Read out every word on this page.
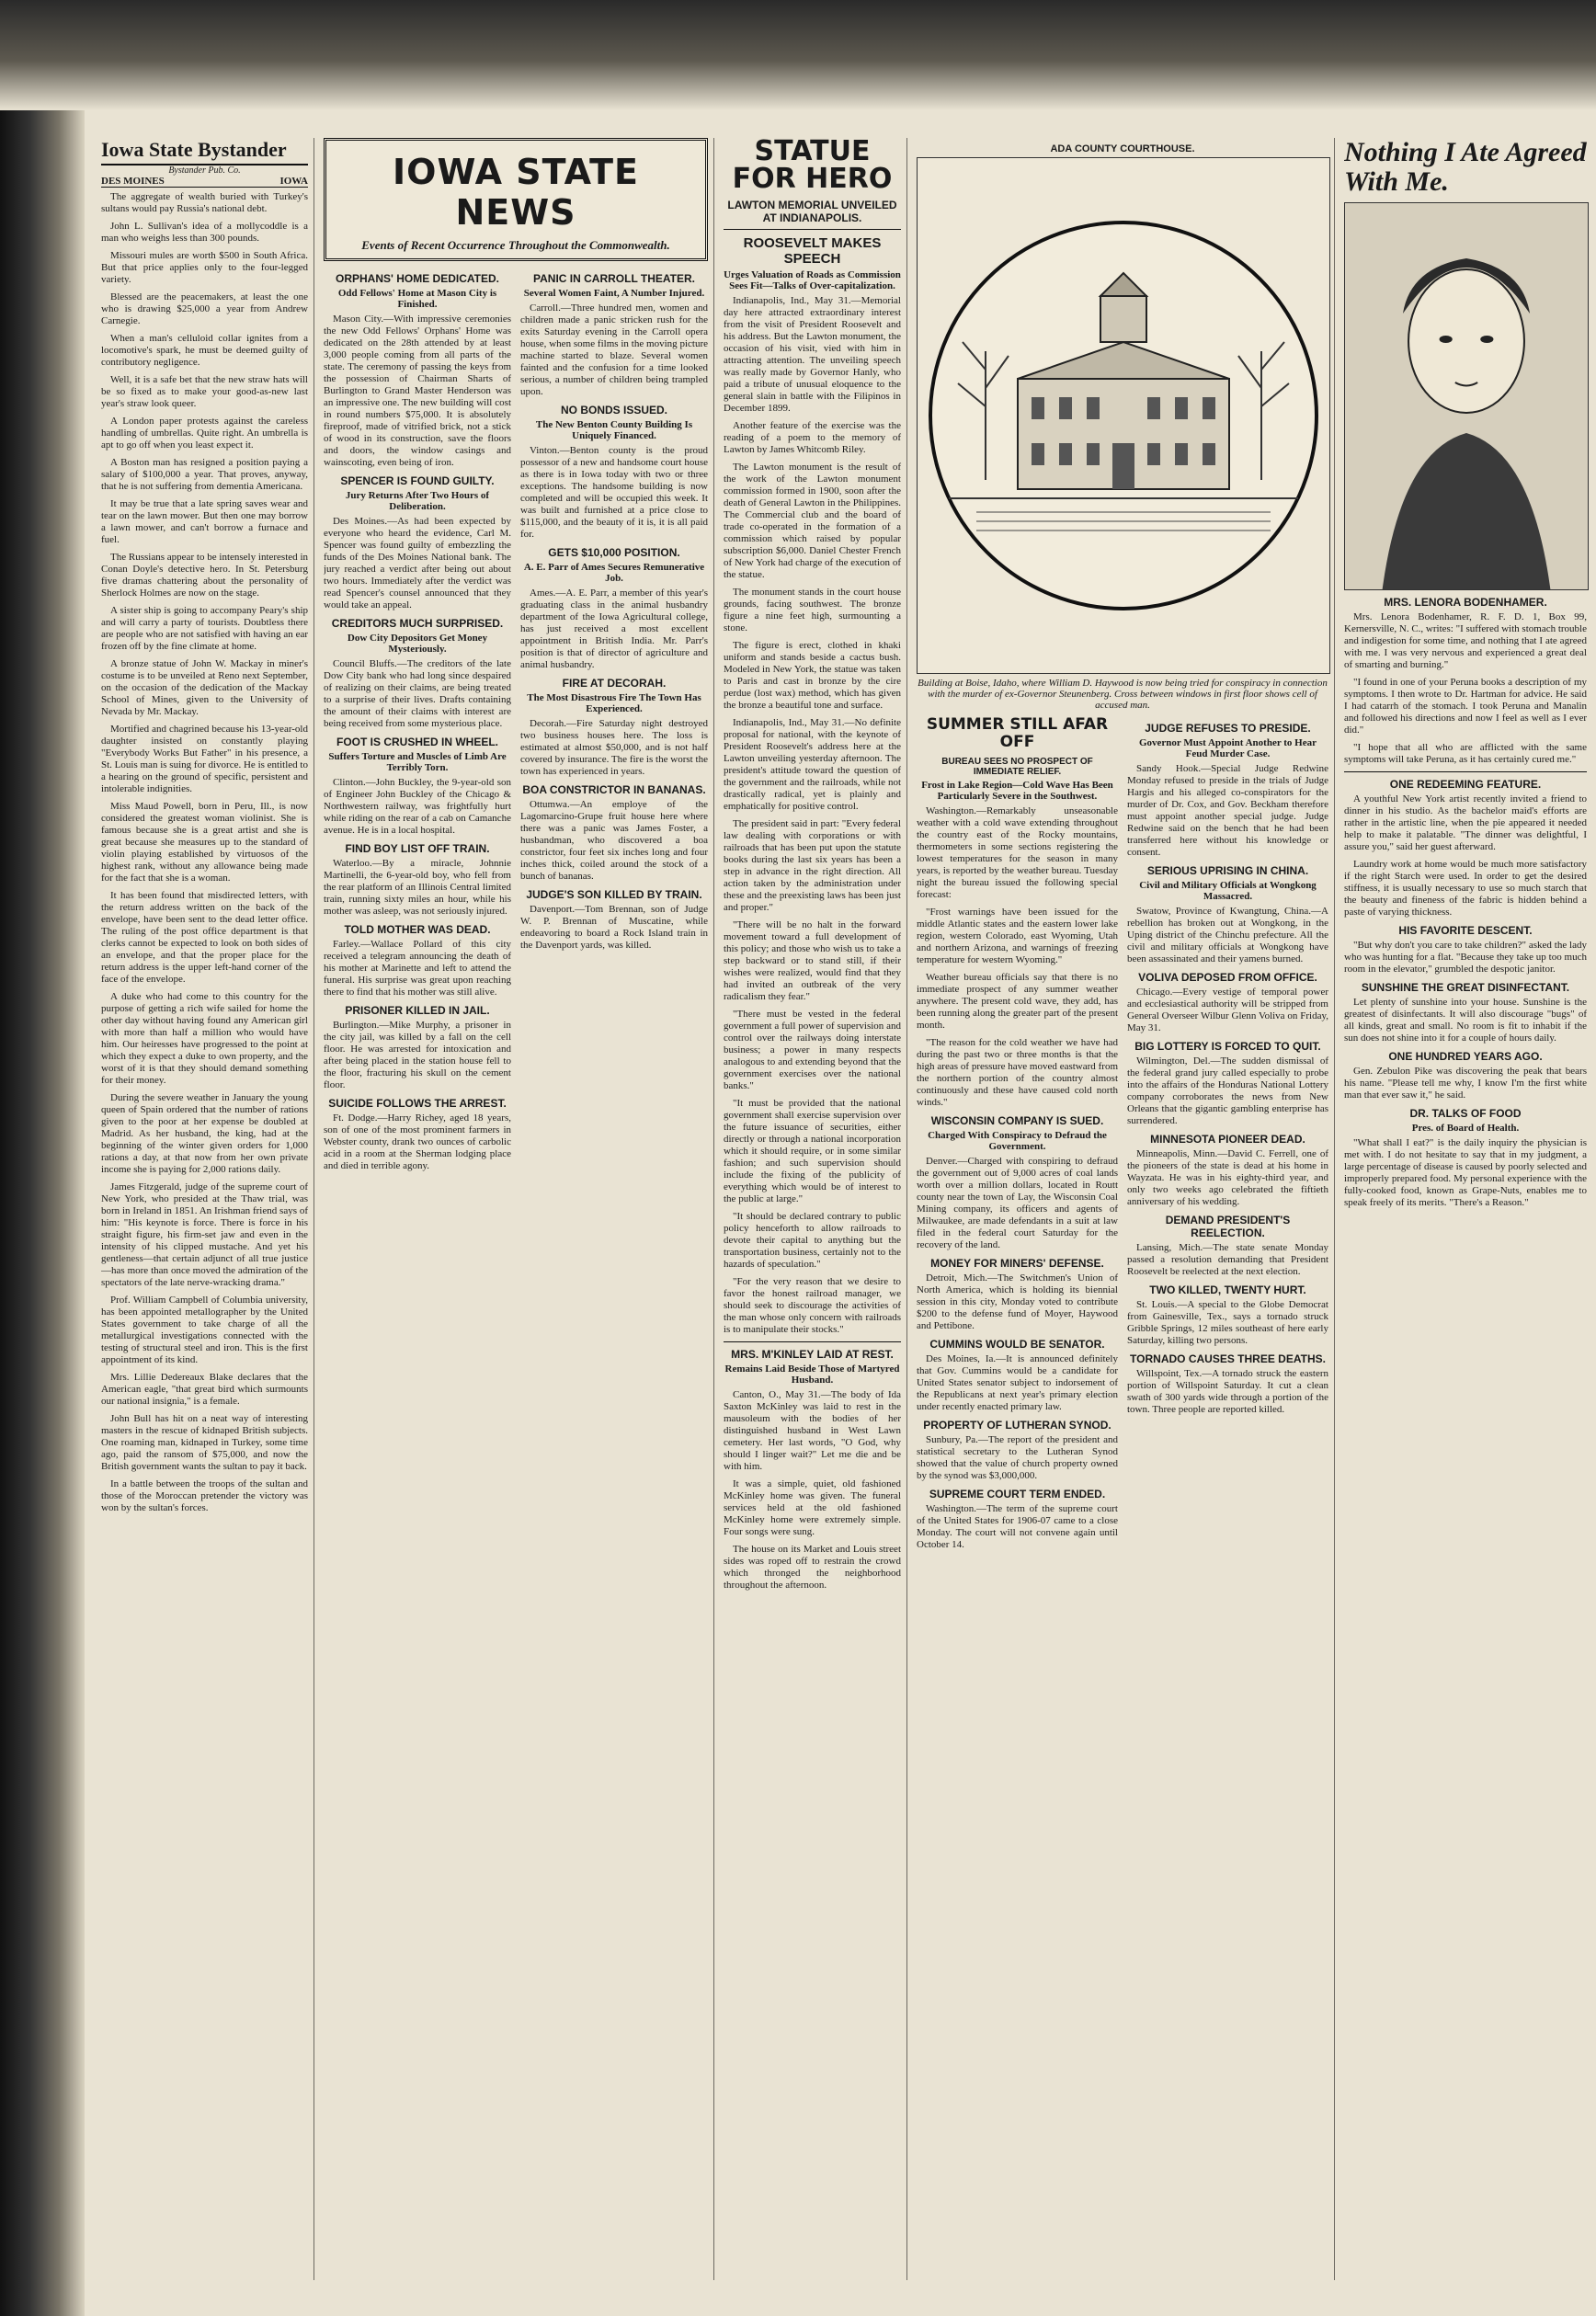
Iowa State Bystander
Bystander Pub. Co.
DES MOINES	IOWA

The aggregate of wealth buried with Turkey's sultans would pay Russia's national debt.

John L. Sullivan's idea of a mollycoddle is a man who weighs less than 300 pounds.

Missouri mules are worth $500 in South Africa. But that price applies only to the four-legged variety.

Blessed are the peacemakers, at least the one who is drawing $25,000 a year from Andrew Carnegie.

When a man's celluloid collar ignites from a locomotive's spark, he must be deemed guilty of contributory negligence.

Well, it is a safe bet that the new straw hats will be so fixed as to make your good-as-new last year's straw look queer.

A London paper protests against the careless handling of umbrellas. Quite right. An umbrella is apt to go off when you least expect it.

A Boston man has resigned a position paying a salary of $100,000 a year. That proves, anyway, that he is not suffering from dementia Americana.

It may be true that a late spring saves wear and tear on the lawn mower. But then one may borrow a lawn mower, and can't borrow a furnace and fuel.

The Russians appear to be intensely interested in Conan Doyle's detective hero. In St. Petersburg five dramas chattering about the personality of Sherlock Holmes are now on the stage.

A sister ship is going to accompany Peary's ship and will carry a party of tourists. Doubtless there are people who are not satisfied with having an ear frozen off by the fine climate at home.

A bronze statue of John W. Mackay in miner's costume is to be unveiled at Reno next September, on the occasion of the dedication of the Mackay School of Mines, given to the University of Nevada by Mr. Mackay.

Mortified and chagrined because his 13-year-old daughter insisted on constantly playing "Everybody Works But Father" in his presence, a St. Louis man is suing for divorce. He is entitled to a hearing on the ground of specific, persistent and intolerable indignities.

Miss Maud Powell, born in Peru, Ill., is now considered the greatest woman violinist. She is famous because she is a great artist and she is great because she measures up to the standard of violin playing established by virtuosos of the highest rank, without any allowance being made for the fact that she is a woman.

It has been found that misdirected letters, with the return address written on the back of the envelope, have been sent to the dead letter office. The ruling of the post office department is that clerks cannot be expected to look on both sides of an envelope, and that the proper place for the return address is the upper left-hand corner of the face of the envelope.

A duke who had come to this country for the purpose of getting a rich wife sailed for home the other day without having found any American girl with more than half a million who would have him. Our heiresses have progressed to the point at which they expect a duke to own property, and the worst of it is that they should demand something for their money.

During the severe weather in January the young queen of Spain ordered that the number of rations given to the poor at her expense be doubled at Madrid. As her husband, the king, had at the beginning of the winter given orders for 1,000 rations a day, at that now from her own private income she is paying for 2,000 rations daily.

James Fitzgerald, judge of the supreme court of New York, who presided at the Thaw trial, was born in Ireland in 1851. An Irishman friend says of him: "His keynote is force. There is force in his straight figure, his firm-set jaw and even in the intensity of his clipped mustache. And yet his gentleness—that certain adjunct of all true justice—has more than once moved the admiration of the spectators of the late nerve-wracking drama."

Prof. William Campbell of Columbia university, has been appointed metallographer by the United States government to take charge of all the metallurgical investigations connected with the testing of structural steel and iron. This is the first appointment of its kind.

Mrs. Lillie Dedereaux Blake declares that the American eagle, "that great bird which surmounts our national insignia," is a female.

John Bull has hit on a neat way of interesting masters in the rescue of kidnaped British subjects. One roaming man, kidnaped in Turkey, some time ago, paid the ransom of $75,000, and now the British government wants the sultan to pay it back.

In a battle between the troops of the sultan and those of the Moroccan pretender the victory was won by the sultan's forces.

IOWA STATE NEWS
Events of Recent Occurrence Throughout the Commonwealth.
ORPHANS' HOME DEDICATED.
Odd Fellows' Home at Mason City is Finished.

Mason City.—With impressive ceremonies the new Odd Fellows' Orphans' Home was dedicated on the 28th attended by at least 3,000 people coming from all parts of the state. The ceremony of passing the keys from the possession of Chairman Sharts of Burlington to Grand Master Henderson was an impressive one. The new building will cost in round numbers $75,000. It is absolutely fireproof, made of vitrified brick, not a stick of wood in its construction, save the floors and doors, the window casings and wainscoting, even being of iron.

SPENCER IS FOUND GUILTY.
Jury Returns After Two Hours of Deliberation.

Des Moines.—As had been expected by everyone who heard the evidence, Carl M. Spencer was found guilty of embezzling the funds of the Des Moines National bank. The jury reached a verdict after being out about two hours. Immediately after the verdict was read Spencer's counsel announced that they would take an appeal.

CREDITORS MUCH SURPRISED.
Dow City Depositors Get Money Mysteriously.

Council Bluffs.—The creditors of the late Dow City bank who had long since despaired of realizing on their claims, are being treated to a surprise of their lives. Drafts containing the amount of their claims with interest are being received from some mysterious place.

FOOT IS CRUSHED IN WHEEL.
Suffers Torture and Muscles of Limb Are Terribly Torn.

Clinton.—John Buckley, the 9-year-old son of Engineer John Buckley of the Chicago & Northwestern railway, was frightfully hurt while riding on the rear of a cab on Camanche avenue. He is in a local hospital.

FIND BOY LIST OFF TRAIN.

Waterloo.—By a miracle, Johnnie Martinelli, the 6-year-old boy, who fell from the rear platform of an Illinois Central limited train, running sixty miles an hour, while his mother was asleep, was not seriously injured.

TOLD MOTHER WAS DEAD.

Farley.—Wallace Pollard of this city received a telegram announcing the death of his mother at Marinette and left to attend the funeral. His surprise was great upon reaching there to find that his mother was still alive.

PRISONER KILLED IN JAIL.

Burlington.—Mike Murphy, a prisoner in the city jail, was killed by a fall on the cell floor. He was arrested for intoxication and after being placed in the station house fell to the floor, fracturing his skull on the cement floor.

SUICIDE FOLLOWS THE ARREST.

Ft. Dodge.—Harry Richey, aged 18 years, son of one of the most prominent farmers in Webster county, drank two ounces of carbolic acid in a room at the Sherman lodging place and died in terrible agony.

PANIC IN CARROLL THEATER.
Several Women Faint, A Number Injured.

Carroll.—Three hundred men, women and children made a panic stricken rush for the exits Saturday evening in the Carroll opera house, when some films in the moving picture machine started to blaze. Several women fainted and the confusion for a time looked serious, a number of children being trampled upon.

NO BONDS ISSUED.
The New Benton County Building Is Uniquely Financed.

Vinton.—Benton county is the proud possessor of a new and handsome court house as there is in Iowa today with two or three exceptions. The handsome building is now completed and will be occupied this week. It was built and furnished at a price close to $115,000, and the beauty of it is, it is all paid for.

GETS $10,000 POSITION.
A. E. Parr of Ames Secures Remunerative Job.

Ames.—A. E. Parr, a member of this year's graduating class in the animal husbandry department of the Iowa Agricultural college, has just received a most excellent appointment in British India. Mr. Parr's position is that of director of agriculture and animal husbandry.

FIRE AT DECORAH.
The Most Disastrous Fire The Town Has Experienced.

Decorah.—Fire Saturday night destroyed two business houses here. The loss is estimated at almost $50,000, and is not half covered by insurance. The fire is the worst the town has experienced in years.

BOA CONSTRICTOR IN BANANAS.

Ottumwa.—An employe of the Lagomarcino-Grupe fruit house here where there was a panic was James Foster, a husbandman, who discovered a boa constrictor, four feet six inches long and four inches thick, coiled around the stock of a bunch of bananas.

JUDGE'S SON KILLED BY TRAIN.

Davenport.—Tom Brennan, son of Judge W. P. Brennan of Muscatine, while endeavoring to board a Rock Island train in the Davenport yards, was killed.

STATUE FOR HERO
LAWTON MEMORIAL UNVEILED AT INDIANAPOLIS.
ROOSEVELT MAKES SPEECH
Urges Valuation of Roads as Commission Sees Fit—Talks of Over-capitalization.

Indianapolis, Ind., May 31.—Memorial day here attracted extraordinary interest from the visit of President Roosevelt and his address. But the Lawton monument, the occasion of his visit, vied with him in attracting attention. The unveiling speech was really made by Governor Hanly, who paid a tribute of unusual eloquence to the general slain in battle with the Filipinos in December 1899.

Another feature of the exercise was the reading of a poem to the memory of Lawton by James Whitcomb Riley.

The Lawton monument is the result of the work of the Lawton monument commission formed in 1900, soon after the death of General Lawton in the Philippines. The Commercial club and the board of trade co-operated in the formation of a commission which raised by popular subscription $6,000. Daniel Chester French of New York had charge of the execution of the statue.

The monument stands in the court house grounds, facing southwest. The bronze figure a nine feet high, surmounting a stone.

The figure is erect, clothed in khaki uniform and stands beside a cactus bush. Modeled in New York, the statue was taken to Paris and cast in bronze by the cire perdue (lost wax) method, which has given the bronze a beautiful tone and surface.

Indianapolis, Ind., May 31.—No definite proposal for national, with the keynote of President Roosevelt's address here at the Lawton unveiling yesterday afternoon. The president's attitude toward the question of the government and the railroads, while not drastically radical, yet is plainly and emphatically for positive control.

The president said in part: "Every federal law dealing with corporations or with railroads that has been put upon the statute books during the last six years has been a step in advance in the right direction. All action taken by the administration under these and the preexisting laws has been just and proper."

"There will be no halt in the forward movement toward a full development of this policy; and those who wish us to take a step backward or to stand still, if their wishes were realized, would find that they had invited an outbreak of the very radicalism they fear."

"There must be vested in the federal government a full power of supervision and control over the railways doing interstate business; a power in many respects analogous to and extending beyond that the government exercises over the national banks."

"It must be provided that the national government shall exercise supervision over the future issuance of securities, either directly or through a national incorporation which it should require, or in some similar fashion; and such supervision should include the fixing of the publicity of everything which would be of interest to the public at large."

"It should be declared contrary to public policy henceforth to allow railroads to devote their capital to anything but the transportation business, certainly not to the hazards of speculation."

"For the very reason that we desire to favor the honest railroad manager, we should seek to discourage the activities of the man whose only concern with railroads is to manipulate their stocks."

MRS. M'KINLEY LAID AT REST.
Remains Laid Beside Those of Martyred Husband.

Canton, O., May 31.—The body of Ida Saxton McKinley was laid to rest in the mausoleum with the bodies of her distinguished husband in West Lawn cemetery. Her last words, "O God, why should I linger wait?" Let me die and be with him.

It was a simple, quiet, old fashioned McKinley home was given. The funeral services held at the old fashioned McKinley home were extremely simple. Four songs were sung.

The house on its Market and Louis street sides was roped off to restrain the crowd which thronged the neighborhood throughout the afternoon.

ADA COUNTY COURTHOUSE.
Building at Boise, Idaho, where William D. Haywood is now being tried for conspiracy in connection with the murder of ex-Governor Steunenberg. Cross between windows in first floor shows cell of accused man.
SUMMER STILL AFAR OFF
BUREAU SEES NO PROSPECT OF IMMEDIATE RELIEF.
Frost in Lake Region—Cold Wave Has Been Particularly Severe in the Southwest.

Washington.—Remarkably unseasonable weather with a cold wave extending throughout the country east of the Rocky mountains, thermometers in some sections registering the lowest temperatures for the season in many years, is reported by the weather bureau. Tuesday night the bureau issued the following special forecast:

"Frost warnings have been issued for the middle Atlantic states and the eastern lower lake region, western Colorado, east Wyoming, Utah and northern Arizona, and warnings of freezing temperature for western Wyoming."

Weather bureau officials say that there is no immediate prospect of any summer weather anywhere. The present cold wave, they add, has been running along the greater part of the present month.

"The reason for the cold weather we have had during the past two or three months is that the high areas of pressure have moved eastward from the northern portion of the country almost continuously and these have caused cold north winds."

WISCONSIN COMPANY IS SUED.
Charged With Conspiracy to Defraud the Government.

Denver.—Charged with conspiring to defraud the government out of 9,000 acres of coal lands worth over a million dollars, located in Routt county near the town of Lay, the Wisconsin Coal Mining company, its officers and agents of Milwaukee, are made defendants in a suit at law filed in the federal court Saturday for the recovery of the land.

MONEY FOR MINERS' DEFENSE.

Detroit, Mich.—The Switchmen's Union of North America, which is holding its biennial session in this city, Monday voted to contribute $200 to the defense fund of Moyer, Haywood and Pettibone.

CUMMINS WOULD BE SENATOR.

Des Moines, Ia.—It is announced definitely that Gov. Cummins would be a candidate for United States senator subject to indorsement of the Republicans at next year's primary election under recently enacted primary law.

PROPERTY OF LUTHERAN SYNOD.

Sunbury, Pa.—The report of the president and statistical secretary to the Lutheran Synod showed that the value of church property owned by the synod was $3,000,000.

SUPREME COURT TERM ENDED.

Washington.—The term of the supreme court of the United States for 1906-07 came to a close Monday. The court will not convene again until October 14.

JUDGE REFUSES TO PRESIDE.
Governor Must Appoint Another to Hear Feud Murder Case.

Sandy Hook.—Special Judge Redwine Monday refused to preside in the trials of Judge Hargis and his alleged co-conspirators for the murder of Dr. Cox, and Gov. Beckham therefore must appoint another special judge. Judge Redwine said on the bench that he had been transferred here without his knowledge or consent.

SERIOUS UPRISING IN CHINA.
Civil and Military Officials at Wongkong Massacred.

Swatow, Province of Kwangtung, China.—A rebellion has broken out at Wongkong, in the Uping district of the Chinchu prefecture. All the civil and military officials at Wongkong have been assassinated and their yamens burned.

VOLIVA DEPOSED FROM OFFICE.

Chicago.—Every vestige of temporal power and ecclesiastical authority will be stripped from General Overseer Wilbur Glenn Voliva on Friday, May 31.

BIG LOTTERY IS FORCED TO QUIT.

Wilmington, Del.—The sudden dismissal of the federal grand jury called especially to probe into the affairs of the Honduras National Lottery company corroborates the news from New Orleans that the gigantic gambling enterprise has surrendered.

MINNESOTA PIONEER DEAD.

Minneapolis, Minn.—David C. Ferrell, one of the pioneers of the state is dead at his home in Wayzata. He was in his eighty-third year, and only two weeks ago celebrated the fiftieth anniversary of his wedding.

DEMAND PRESIDENT'S REELECTION.

Lansing, Mich.—The state senate Monday passed a resolution demanding that President Roosevelt be reelected at the next election.

TWO KILLED, TWENTY HURT.

St. Louis.—A special to the Globe Democrat from Gainesville, Tex., says a tornado struck Gribble Springs, 12 miles southeast of here early Saturday, killing two persons.

TORNADO CAUSES THREE DEATHS.

Willspoint, Tex.—A tornado struck the eastern portion of Willspoint Saturday. It cut a clean swath of 300 yards wide through a portion of the town. Three people are reported killed.

Nothing I Ate Agreed With Me.
MRS. LENORA BODENHAMER.

Mrs. Lenora Bodenhamer, R. F. D. 1, Box 99, Kernersville, N. C., writes: "I suffered with stomach trouble and indigestion for some time, and nothing that I ate agreed with me. I was very nervous and experienced a great deal of smarting and burning."

"I found in one of your Peruna books a description of my symptoms. I then wrote to Dr. Hartman for advice. He said I had catarrh of the stomach. I took Peruna and Manalin and followed his directions and now I feel as well as I ever did."

"I hope that all who are afflicted with the same symptoms will take Peruna, as it has certainly cured me."

ONE REDEEMING FEATURE.

A youthful New York artist recently invited a friend to dinner in his studio. As the bachelor maid's efforts are rather in the artistic line, when the pie appeared it needed help to make it palatable. "The dinner was delightful, I assure you," said her guest afterward.

Laundry work at home would be much more satisfactory if the right Starch were used. In order to get the desired stiffness, it is usually necessary to use so much starch that the beauty and fineness of the fabric is hidden behind a paste of varying thickness.

HIS FAVORITE DESCENT.

"But why don't you care to take children?" asked the lady who was hunting for a flat. "Because they take up too much room in the elevator," grumbled the despotic janitor.

SUNSHINE THE GREAT DISINFECTANT.

Let plenty of sunshine into your house. Sunshine is the greatest of disinfectants. It will also discourage "bugs" of all kinds, great and small. No room is fit to inhabit if the sun does not shine into it for a couple of hours daily.

ONE HUNDRED YEARS AGO.

Gen. Zebulon Pike was discovering the peak that bears his name. "Please tell me why, I know I'm the first white man that ever saw it," he said.

DR. TALKS OF FOOD
Pres. of Board of Health.

"What shall I eat?" is the daily inquiry the physician is met with. I do not hesitate to say that in my judgment, a large percentage of disease is caused by poorly selected and improperly prepared food. My personal experience with the fully-cooked food, known as Grape-Nuts, enables me to speak freely of its merits. "There's a Reason."
